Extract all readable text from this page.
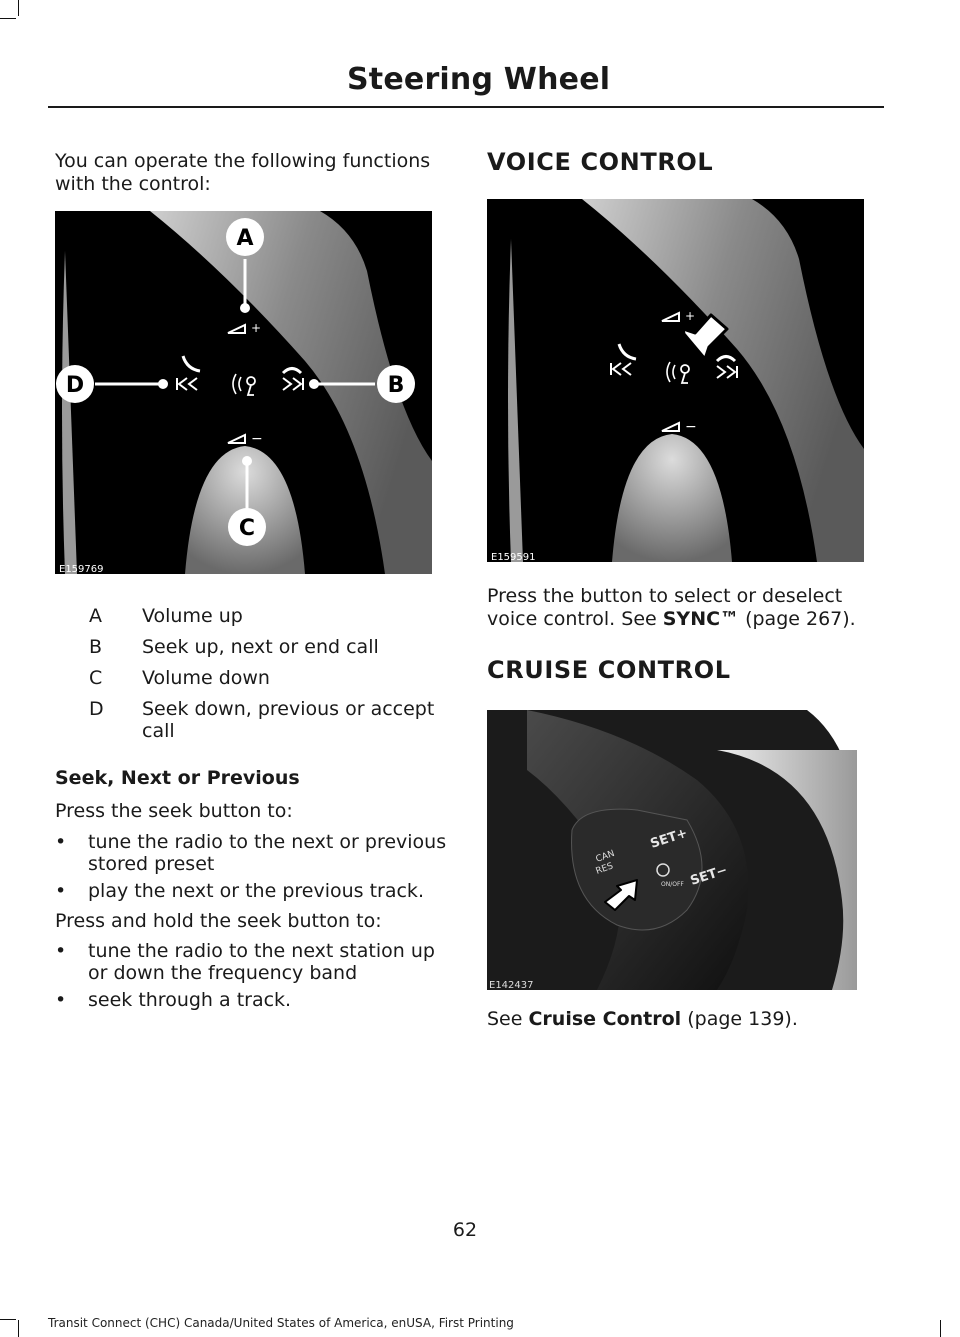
Steering Wheel
You can operate the following functions with the control:
+
−
A
B
C
D
E159769
A	Volume up
B	Seek up, next or end call
C	Volume down
D	Seek down, previous or accept call
Seek, Next or Previous
Press the seek button to:
•	tune the radio to the next or previous stored preset
•	play the next or the previous track.
Press and hold the seek button to:
•	tune the radio to the next station up or down the frequency band
•	seek through a track.
VOICE CONTROL
+
−
E159591
Press the button to select or deselect voice control. See SYNC™ (page 267).
CRUISE CONTROL
CAN
RES
SET+
SET−
ON/OFF
E142437
See Cruise Control (page 139).
62
Transit Connect (CHC) Canada/United States of America, enUSA, First Printing
